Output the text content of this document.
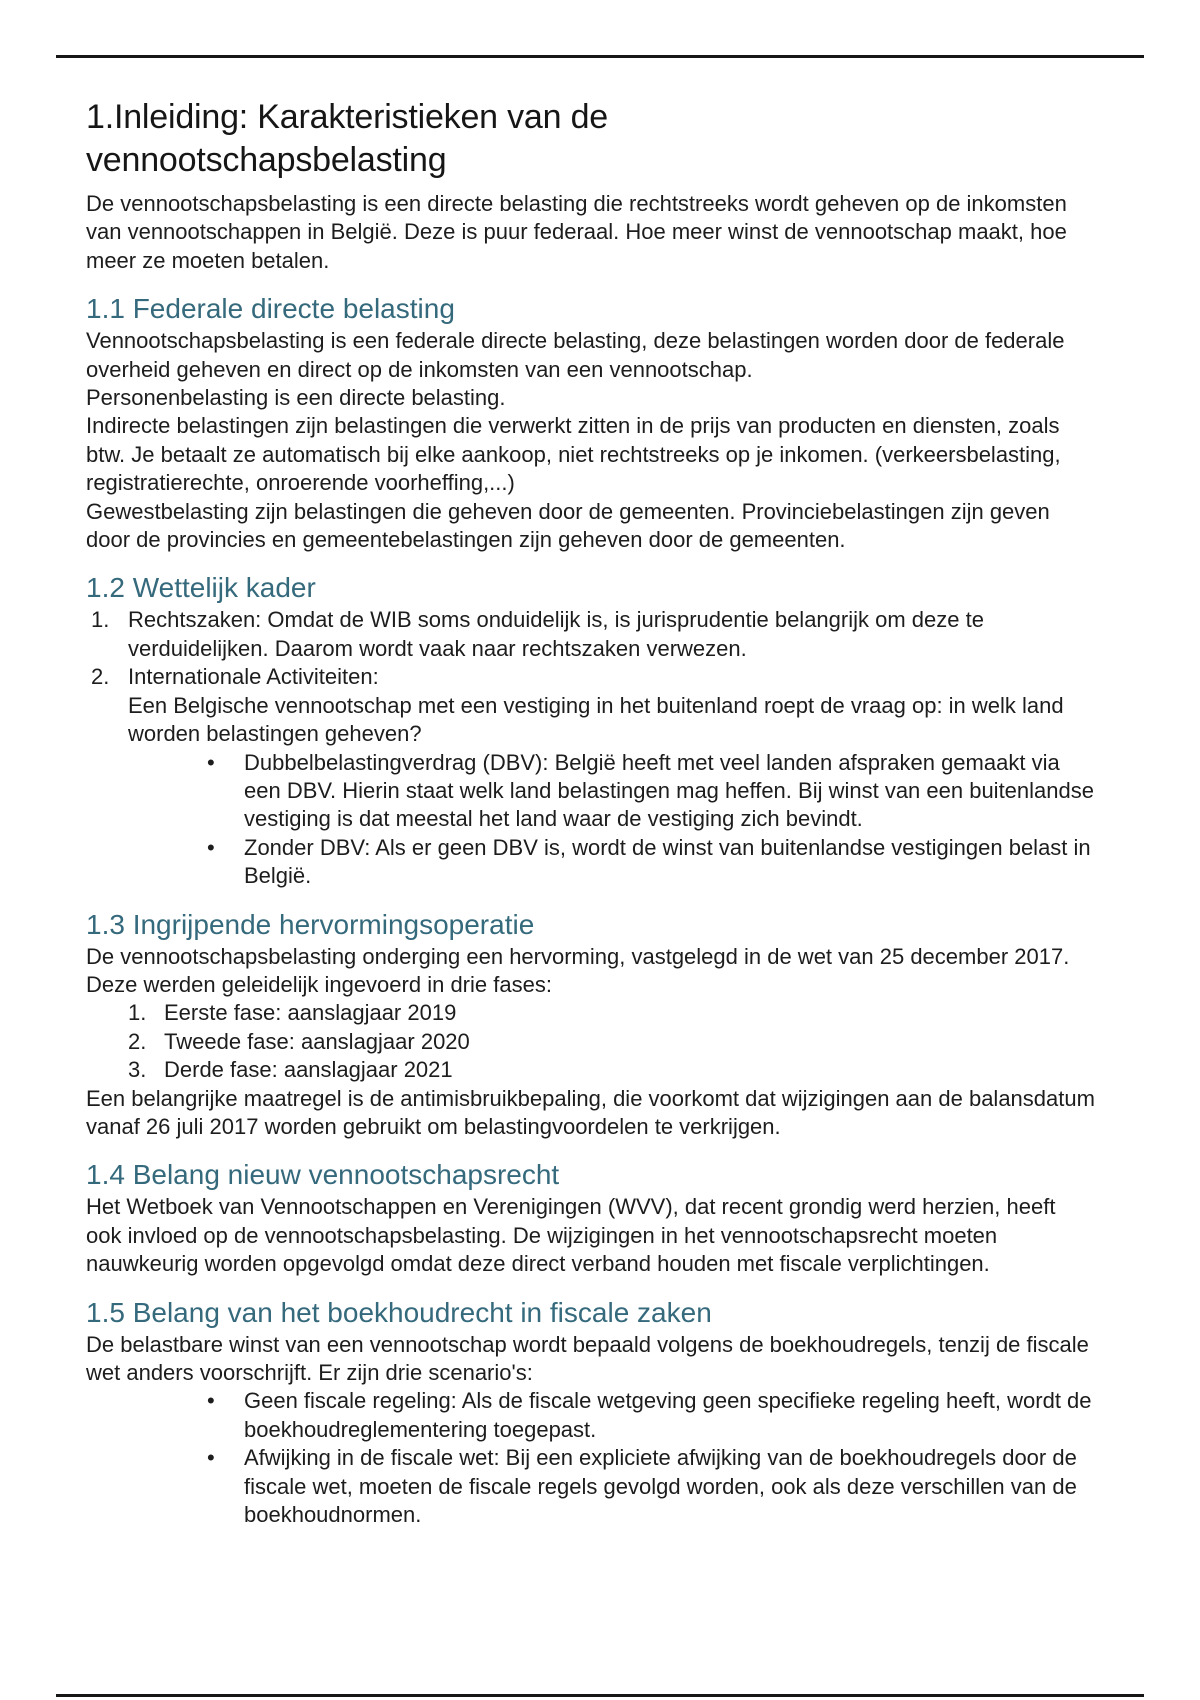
1.Inleiding: Karakteristieken van de
vennootschapsbelasting

De vennootschapsbelasting is een directe belasting die rechtstreeks wordt geheven op de inkomsten van vennootschappen in België. Deze is puur federaal. Hoe meer winst de vennootschap maakt, hoe meer ze moeten betalen.

1.1 Federale directe belasting

Vennootschapsbelasting is een federale directe belasting, deze belastingen worden door de federale overheid geheven en direct op de inkomsten van een vennootschap.

Personenbelasting is een directe belasting.

Indirecte belastingen zijn belastingen die verwerkt zitten in de prijs van producten en diensten, zoals btw. Je betaalt ze automatisch bij elke aankoop, niet rechtstreeks op je inkomen. (verkeersbelasting, registratierechte, onroerende voorheffing,...)

Gewestbelasting zijn belastingen die geheven door de gemeenten. Provinciebelastingen zijn geven door de provincies en gemeentebelastingen zijn geheven door de gemeenten.

1.2 Wettelijk kader
1. Rechtszaken: Omdat de WIB soms onduidelijk is, is jurisprudentie belangrijk om deze te verduidelijken. Daarom wordt vaak naar rechtszaken verwezen.
2. Internationale Activiteiten:
Een Belgische vennootschap met een vestiging in het buitenland roept de vraag op: in welk land worden belastingen geheven?
• Dubbelbelastingverdrag (DBV): België heeft met veel landen afspraken gemaakt via een DBV. Hierin staat welk land belastingen mag heffen. Bij winst van een buitenlandse vestiging is dat meestal het land waar de vestiging zich bevindt.
• Zonder DBV: Als er geen DBV is, wordt de winst van buitenlandse vestigingen belast in België.
1.3 Ingrijpende hervormingsoperatie

De vennootschapsbelasting onderging een hervorming, vastgelegd in de wet van 25 december 2017. Deze werden geleidelijk ingevoerd in drie fases:

1. Eerste fase: aanslagjaar 2019
2. Tweede fase: aanslagjaar 2020
3. Derde fase: aanslagjaar 2021

Een belangrijke maatregel is de antimisbruikbepaling, die voorkomt dat wijzigingen aan de balansdatum vanaf 26 juli 2017 worden gebruikt om belastingvoordelen te verkrijgen.

1.4 Belang nieuw vennootschapsrecht

Het Wetboek van Vennootschappen en Verenigingen (WVV), dat recent grondig werd herzien, heeft ook invloed op de vennootschapsbelasting. De wijzigingen in het vennootschapsrecht moeten nauwkeurig worden opgevolgd omdat deze direct verband houden met fiscale verplichtingen.

1.5 Belang van het boekhoudrecht in fiscale zaken

De belastbare winst van een vennootschap wordt bepaald volgens de boekhoudregels, tenzij de fiscale wet anders voorschrijft. Er zijn drie scenario's:

• Geen fiscale regeling: Als de fiscale wetgeving geen specifieke regeling heeft, wordt de boekhoudreglementering toegepast.
• Afwijking in de fiscale wet: Bij een expliciete afwijking van de boekhoudregels door de fiscale wet, moeten de fiscale regels gevolgd worden, ook als deze verschillen van de boekhoudnormen.
